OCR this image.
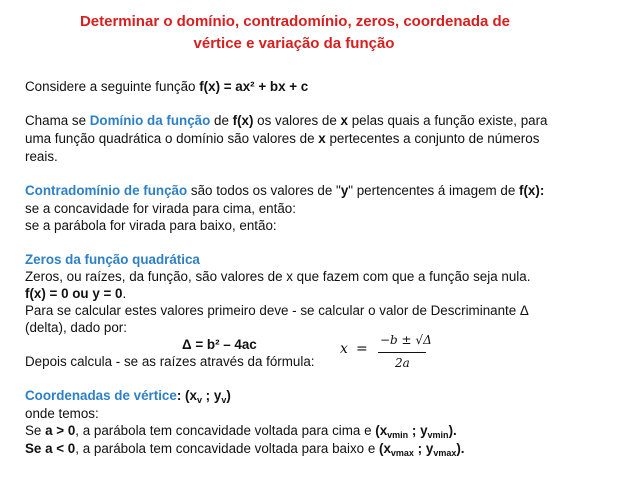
Determinar o domínio, contradomínio, zeros, coordenada de
vértice e variação da função
Considere a seguinte função f(x) = ax² + bx + c
Chama se Domínio da função de f(x) os valores de x pelas quais a função existe, para
uma função quadrática o domínio são valores de x pertecentes a conjunto de números
reais.
Contradomínio de função são todos os valores de "y" pertencentes á imagem de f(x):
se a concavidade for virada para cima, então:
se a parábola for virada para baixo, então:
Zeros da função quadrática
Zeros, ou raízes, da função, são valores de x que fazem com que a função seja nula.
f(x) = 0 ou y = 0.
Para se calcular estes valores primeiro deve - se calcular o valor de Descriminante Δ
(delta), dado por:
Δ = b² – 4ac
Depois calcula - se as raízes através da fórmula:
x =
−b ± √Δ
2a
Coordenadas de vértice: ($x_v$ ; $y_v$)
onde temos:
Se a > 0, a parábola tem concavidade voltada para cima e ($x_{vmin}$ ; $y_{vmin}$).
Se a < 0, a parábola tem concavidade voltada para baixo e ($x_{vmax}$ ; $y_{vmax}$).
